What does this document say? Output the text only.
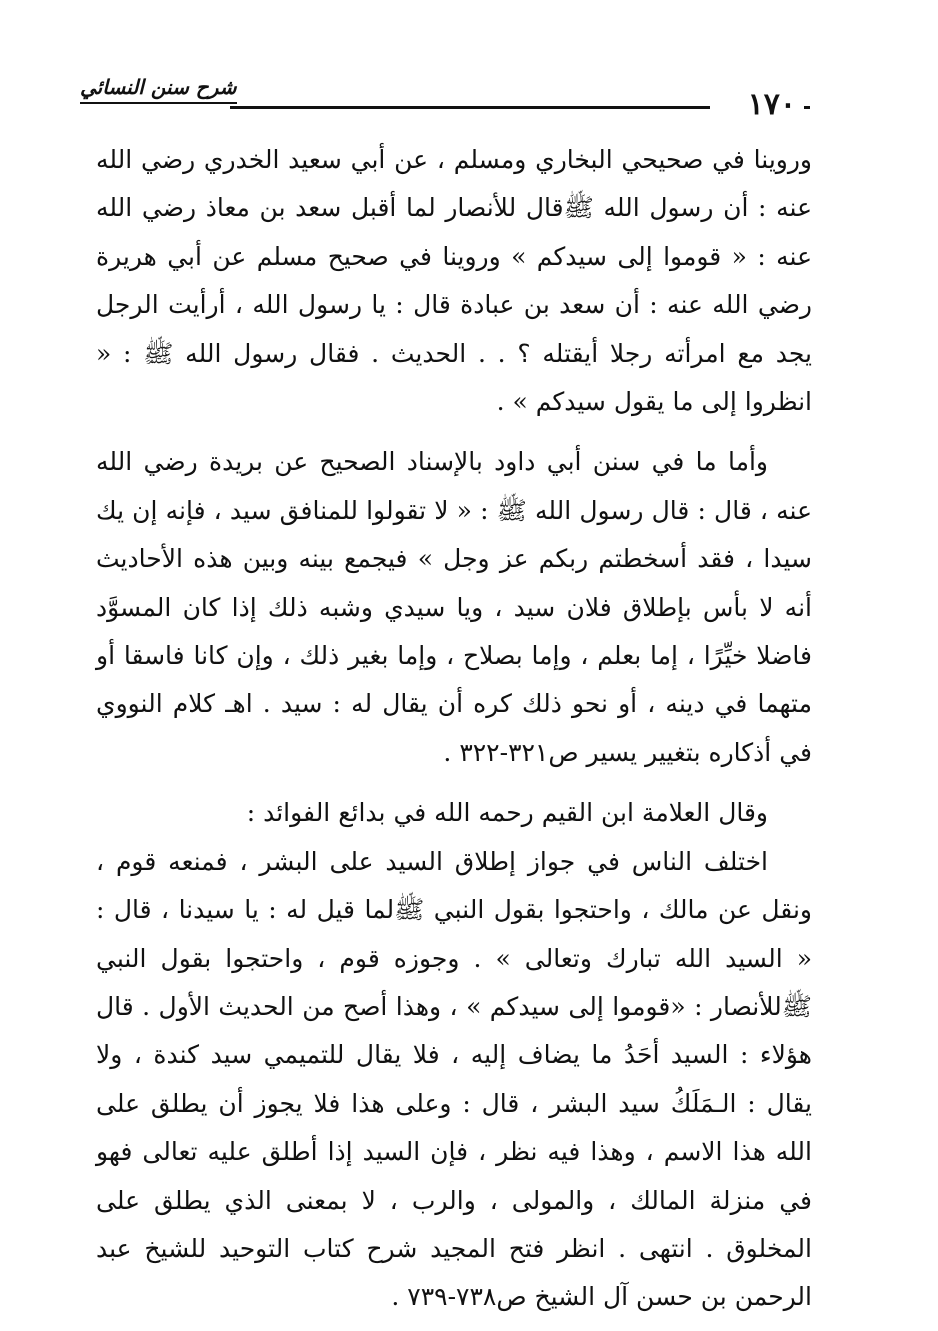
شرح سنن النسائي	١٧٠

وروينا في صحيحي البخاري ومسلم ، عن أبي سعيد الخدري رضي الله عنه : أن رسول الله ﷺقال للأنصار لما أقبل سعد بن معاذ رضي الله عنه : « قوموا إلى سيدكم » وروينا في صحيح مسلم عن أبي هريرة رضي الله عنه : أن سعد بن عبادة قال : يا رسول الله ، أرأيت الرجل يجد مع امرأته رجلا أيقتله ؟ . . الحديث . فقال رسول الله ﷺ : « انظروا إلى ما يقول سيدكم » .

وأما ما في سنن أبي داود بالإسناد الصحيح عن بريدة رضي الله عنه ، قال : قال رسول الله ﷺ : « لا تقولوا للمنافق سيد ، فإنه إن يك سيدا ، فقد أسخطتم ربكم عز وجل » فيجمع بينه وبين هذه الأحاديث أنه لا بأس بإطلاق فلان سيد ، ويا سيدي وشبه ذلك إذا كان المسوَّد فاضلا خيِّرًا ، إما بعلم ، وإما بصلاح ، وإما بغير ذلك ، وإن كانا فاسقا أو متهما في دينه ، أو نحو ذلك كره أن يقال له : سيد . اهـ كلام النووي في أذكاره بتغيير يسير ص٣٢١-٣٢٢ .

وقال العلامة ابن القيم رحمه الله في بدائع الفوائد :

اختلف الناس في جواز إطلاق السيد على البشر ، فمنعه قوم ، ونقل عن مالك ، واحتجوا بقول النبي ﷺلما قيل له : يا سيدنا ، قال : « السيد الله تبارك وتعالى » . وجوزه قوم ، واحتجوا بقول النبي ﷺللأنصار : «قوموا إلى سيدكم » ، وهذا أصح من الحديث الأول . قال هؤلاء : السيد أحَدُ ما يضاف إليه ، فلا يقال للتميمي سيد كندة ، ولا يقال : الـمَلَكُ سيد البشر ، قال : وعلى هذا فلا يجوز أن يطلق على الله هذا الاسم ، وهذا فيه نظر ، فإن السيد إذا أطلق عليه تعالى فهو في منزلة المالك ، والمولى ، والرب ، لا بمعنى الذي يطلق على المخلوق . انتهى . انظر فتح المجيد شرح كتاب التوحيد للشيخ عبد الرحمن بن حسن آل الشيخ ص٧٣٨-٧٣٩ .
